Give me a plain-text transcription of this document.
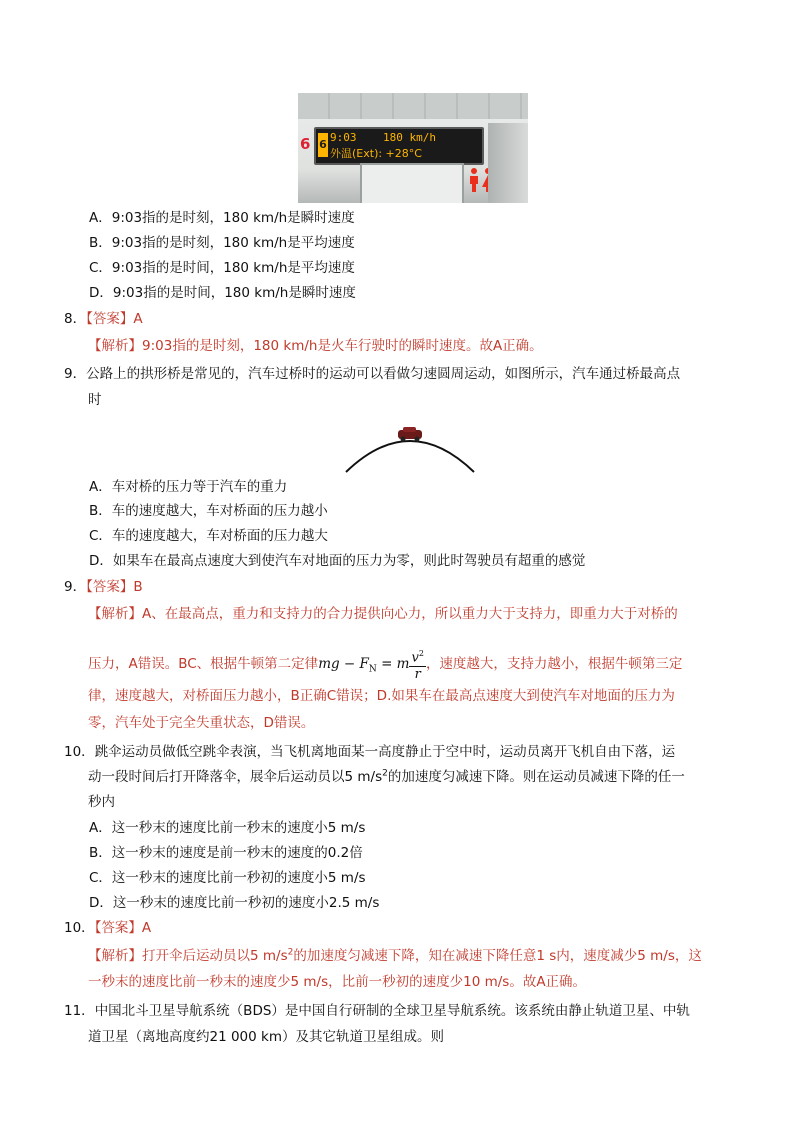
6 6
9:03 180 km/h
外温(Ext): +28°C
A．9:03指的是时刻，180 km/h是瞬时速度
B．9:03指的是时刻，180 km/h是平均速度
C．9:03指的是时间，180 km/h是平均速度
D．9:03指的是时间，180 km/h是瞬时速度
8．【答案】A
【解析】9:03指的是时刻，180 km/h是火车行驶时的瞬时速度。故A正确。
9．公路上的拱形桥是常见的，汽车过桥时的运动可以看做匀速圆周运动，如图所示，汽车通过桥最高点
时
A．车对桥的压力等于汽车的重力
B．车的速度越大，车对桥面的压力越小
C．车的速度越大，车对桥面的压力越大
D．如果车在最高点速度大到使汽车对地面的压力为零，则此时驾驶员有超重的感觉
9．【答案】B
【解析】A、在最高点，重力和支持力的合力提供向心力，所以重力大于支持力，即重力大于对桥的
压力，A错误。BC、根据牛顿第二定律mg − $F_N = m \frac{v^2}{r}$ ，速度越大，支持力越小，根据牛顿第三定
律，速度越大，对桥面压力越小，B正确C错误；D.如果车在最高点速度大到使汽车对地面的压力为
零，汽车处于完全失重状态，D错误。
10．跳伞运动员做低空跳伞表演，当飞机离地面某一高度静止于空中时，运动员离开飞机自由下落，运
动一段时间后打开降落伞，展伞后运动员以5 $m/s^2$的加速度匀减速下降。则在运动员减速下降的任一
秒内
A．这一秒末的速度比前一秒末的速度小5 m/s
B．这一秒末的速度是前一秒末的速度的0.2倍
C．这一秒末的速度比前一秒初的速度小5 m/s
D．这一秒末的速度比前一秒初的速度小2.5 m/s
10．【答案】A
【解析】打开伞后运动员以5 $m/s^2$的加速度匀减速下降，知在减速下降任意1 s内，速度减少5 m/s，这
一秒末的速度比前一秒末的速度少5 m/s，比前一秒初的速度少10 m/s。故A正确。
11．中国北斗卫星导航系统（BDS）是中国自行研制的全球卫星导航系统。该系统由静止轨道卫星、中轨
道卫星（离地高度约21 000 km）及其它轨道卫星组成。则
